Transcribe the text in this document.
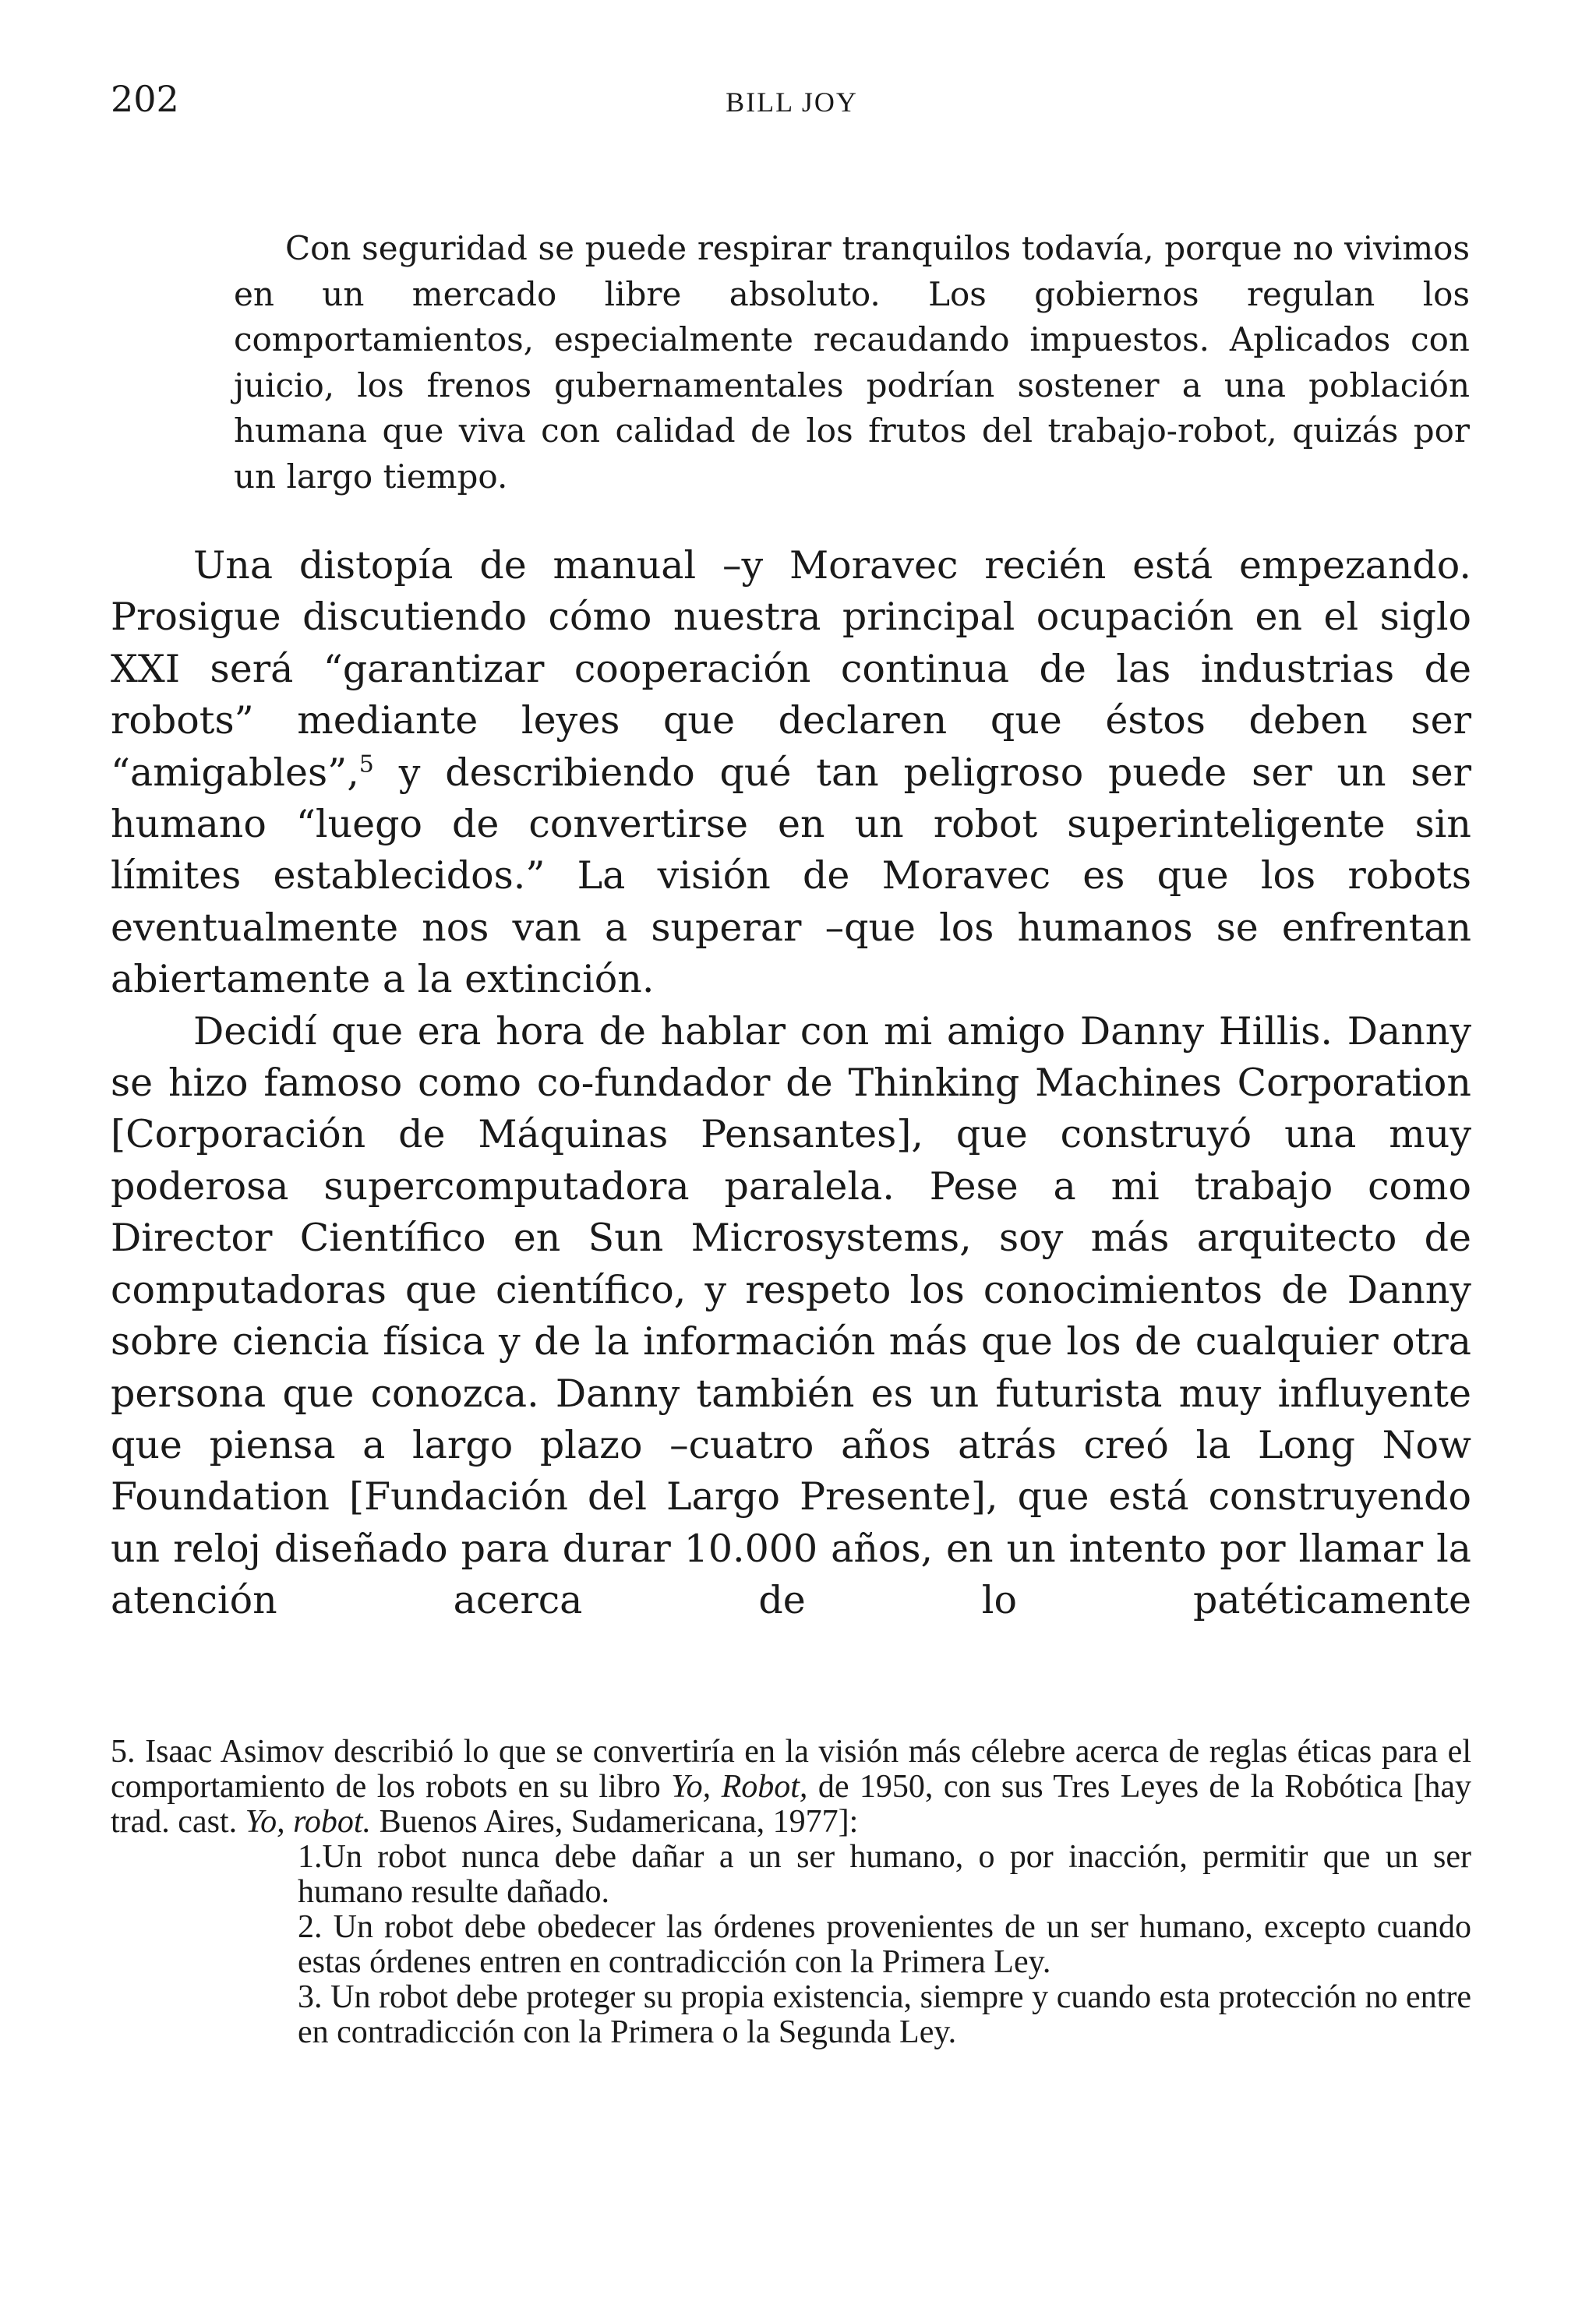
202	BILL JOY

Con seguridad se puede respirar tranquilos todavía, porque no vivimos en un mercado libre absoluto. Los gobiernos regulan los comportamientos, especialmente recaudando impuestos. Aplicados con juicio, los frenos gubernamentales podrían sostener a una población humana que viva con calidad de los frutos del trabajo-robot, quizás por un largo tiempo.

Una distopía de manual –y Moravec recién está empezando. Prosigue discutiendo cómo nuestra principal ocupación en el siglo XXI será “garantizar cooperación continua de las industrias de robots” mediante leyes que declaren que éstos deben ser “amigables”,$^5$ y describiendo qué tan peligroso puede ser un ser humano “luego de convertirse en un robot superinteligente sin límites establecidos.” La visión de Moravec es que los robots eventualmente nos van a superar –que los humanos se enfrentan abiertamente a la extinción.

Decidí que era hora de hablar con mi amigo Danny Hillis. Danny se hizo famoso como co-fundador de Thinking Machines Corporation [Corporación de Máquinas Pensantes], que construyó una muy poderosa supercomputadora paralela. Pese a mi trabajo como Director Científico en Sun Microsystems, soy más arquitecto de computadoras que científico, y respeto los conocimientos de Danny sobre ciencia física y de la información más que los de cualquier otra persona que conozca. Danny también es un futurista muy influyente que piensa a largo plazo –cuatro años atrás creó la Long Now Foundation [Fundación del Largo Presente], que está construyendo un reloj diseñado para durar 10.000 años, en un intento por llamar la atención acerca de lo patéticamente

5. Isaac Asimov describió lo que se convertiría en la visión más célebre acerca de reglas éticas para el comportamiento de los robots en su libro Yo, Robot, de 1950, con sus Tres Leyes de la Robótica [hay trad. cast. Yo, robot. Buenos Aires, Sudamericana, 1977]:

1.Un robot nunca debe dañar a un ser humano, o por inacción, permitir que un ser humano resulte dañado.

2. Un robot debe obedecer las órdenes provenientes de un ser humano, excepto cuando estas órdenes entren en contradicción con la Primera Ley.

3. Un robot debe proteger su propia existencia, siempre y cuando esta protección no entre en contradicción con la Primera o la Segunda Ley.
